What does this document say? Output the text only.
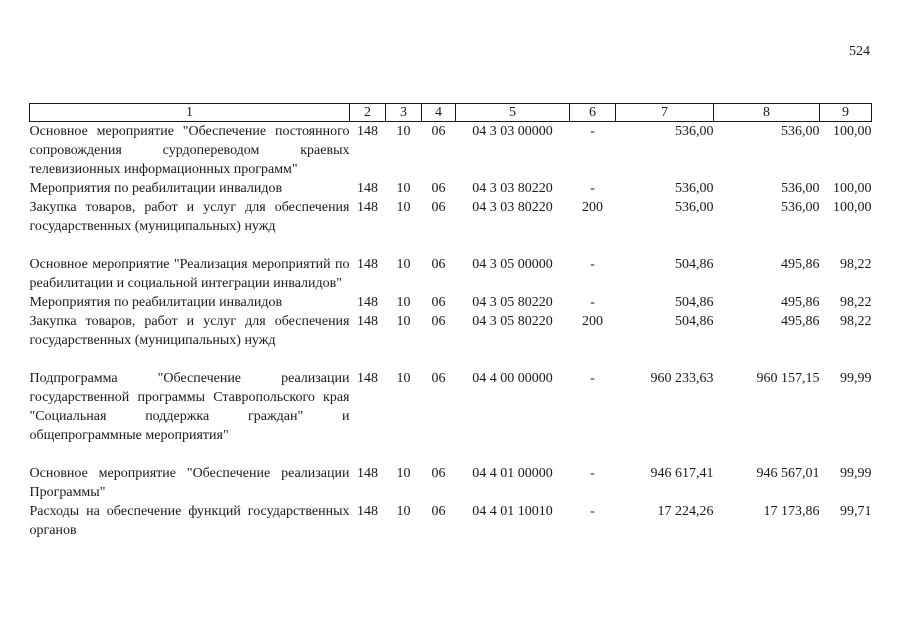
524
1	2	3	4	5	6	7	8	9
Основное мероприятие "Обеспечение постоянного сопровождения сурдопереводом краевых телевизионных информационных программ"	148	10	06	04 3 03 00000	-	536,00	536,00	100,00
Мероприятия по реабилитации инвалидов	148	10	06	04 3 03 80220	-	536,00	536,00	100,00
Закупка товаров, работ и услуг для обеспечения государственных (муниципальных) нужд	148	10	06	04 3 03 80220	200	536,00	536,00	100,00

Основное мероприятие "Реализация мероприятий по реабилитации и социальной интеграции инвалидов"	148	10	06	04 3 05 00000	-	504,86	495,86	98,22
Мероприятия по реабилитации инвалидов	148	10	06	04 3 05 80220	-	504,86	495,86	98,22
Закупка товаров, работ и услуг для обеспечения государственных (муниципальных) нужд	148	10	06	04 3 05 80220	200	504,86	495,86	98,22

Подпрограмма "Обеспечение реализации государственной программы Ставропольского края "Социальная поддержка граждан" и общепрограммные мероприятия"	148	10	06	04 4 00 00000	-	960 233,63	960 157,15	99,99

Основное мероприятие "Обеспечение реализации Программы"	148	10	06	04 4 01 00000	-	946 617,41	946 567,01	99,99
Расходы на обеспечение функций государственных органов	148	10	06	04 4 01 10010	-	17 224,26	17 173,86	99,71
